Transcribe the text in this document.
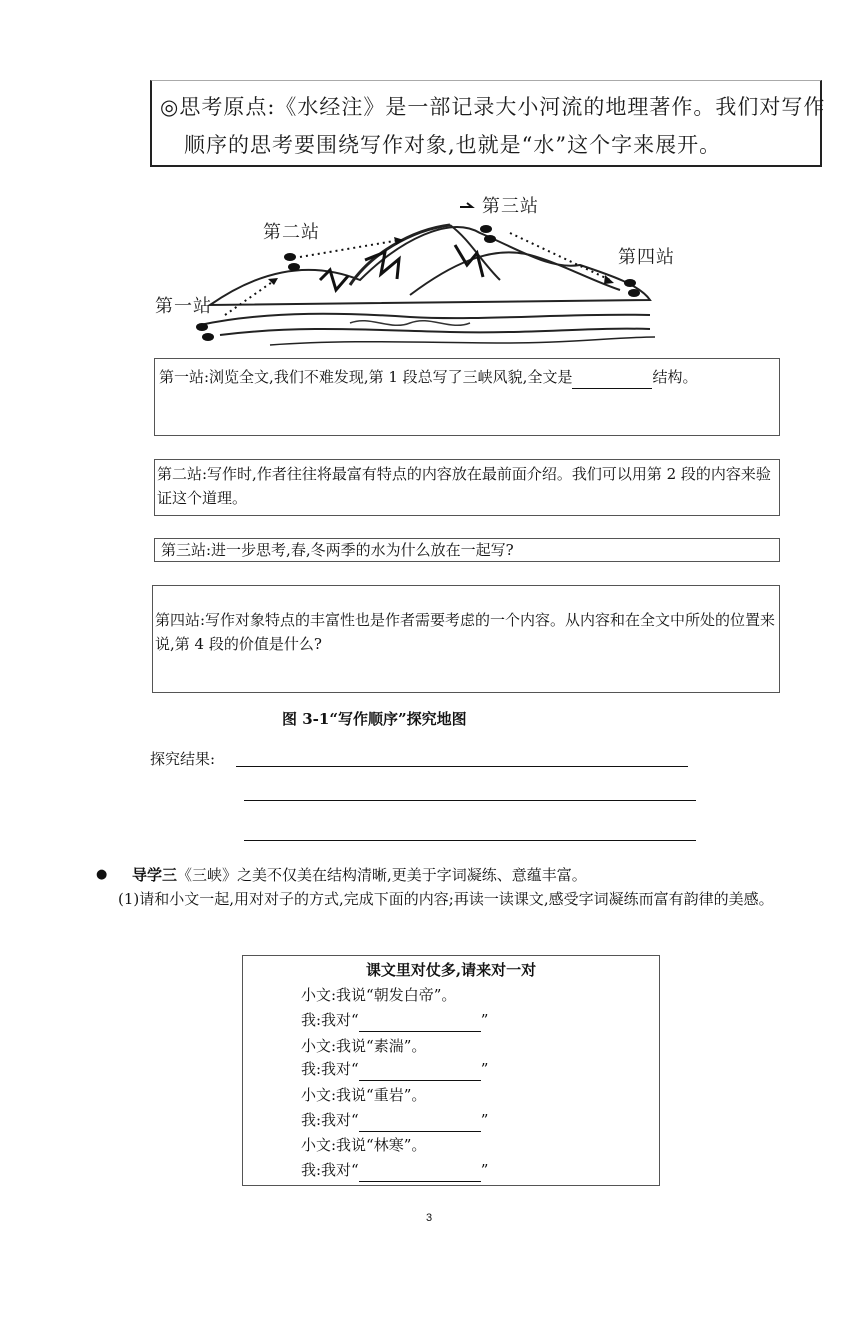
◎思考原点:《水经注》是一部记录大小河流的地理著作。我们对写作
顺序的思考要围绕写作对象,也就是“水”这个字来展开。
第一站
第二站
第三站
第四站
第一站:浏览全文,我们不难发现,第 1 段总写了三峡风貌,全文是	结构。
第二站:写作时,作者往往将最富有特点的内容放在最前面介绍。我们可以用第 2 段的内容来验证这个道理。
第三站:进一步思考,春,冬两季的水为什么放在一起写?
第四站:写作对象特点的丰富性也是作者需要考虑的一个内容。从内容和在全文中所处的位置来说,第 4 段的价值是什么?
图 3-1“写作顺序”探究地图
探究结果:
● 导学三《三峡》之美不仅美在结构清晰,更美于字词凝练、意蕴丰富。
(1)请和小文一起,用对对子的方式,完成下面的内容;再读一读课文,感受字词凝练而富有韵律的美感。
课文里对仗多,请来对一对
小文:我说“朝发白帝”。
我:我对“	”
小文:我说“素湍”。
我:我对“	”
小文:我说“重岩”。
我:我对“	”
小文:我说“林寒”。
我:我对“	”
3
